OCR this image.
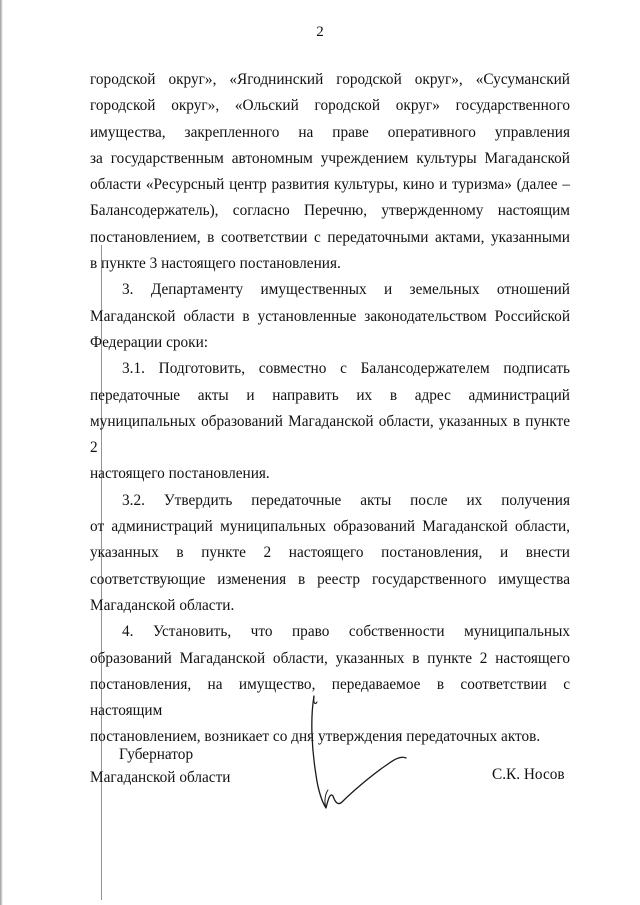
2

городской округ», «Ягоднинский городской округ», «Сусуманский
городской округ», «Ольский городской округ» государственного
имущества, закрепленного на праве оперативного управления
за государственным автономным учреждением культуры Магаданской
области «Ресурсный центр развития культуры, кино и туризма» (далее –
Балансодержатель), согласно Перечню, утвержденному настоящим
постановлением, в соответствии с передаточными актами, указанными
в пункте 3 настоящего постановления.

3. Департаменту имущественных и земельных отношений
Магаданской области в установленные законодательством Российской
Федерации сроки:

3.1. Подготовить, совместно с Балансодержателем подписать
передаточные акты и направить их в адрес администраций
муниципальных образований Магаданской области, указанных в пункте 2
настоящего постановления.

3.2. Утвердить передаточные акты после их получения
от администраций муниципальных образований Магаданской области,
указанных в пункте 2 настоящего постановления, и внести
соответствующие изменения в реестр государственного имущества
Магаданской области.

4. Установить, что право собственности муниципальных
образований Магаданской области, указанных в пункте 2 настоящего
постановления, на имущество, передаваемое в соответствии с настоящим
постановлением, возникает со дня утверждения передаточных актов.

Губернатор
Магаданской области	С.К. Носов
